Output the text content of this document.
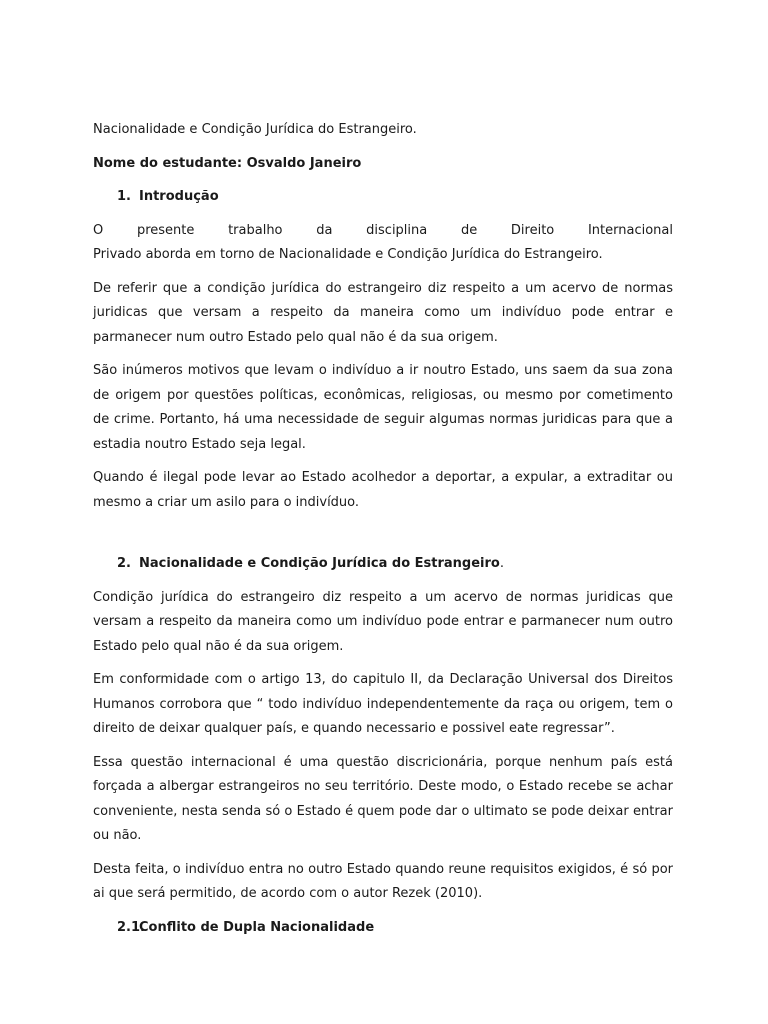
Nacionalidade e Condição Jurídica do Estrangeiro.

Nome do estudante: Osvaldo Janeiro

1. Introdução

O presente trabalho da disciplina de Direito Internacional

Privado aborda em torno de Nacionalidade e Condição Jurídica do Estrangeiro.

De referir que a condição jurídica do estrangeiro diz respeito a um acervo de normas juridicas que versam a respeito da maneira como um indivíduo pode entrar e parmanecer num outro Estado pelo qual não é da sua origem.

São inúmeros motivos que levam o indivíduo a ir noutro Estado, uns saem da sua zona de origem por questões políticas, econômicas, religiosas, ou mesmo por cometimento de crime. Portanto, há uma necessidade de seguir algumas normas juridicas para que a estadia noutro Estado seja legal.

Quando é ilegal pode levar ao Estado acolhedor a deportar, a expular, a extraditar ou mesmo a criar um asilo para o indivíduo.

2. Nacionalidade e Condição Jurídica do Estrangeiro.

Condição jurídica do estrangeiro diz respeito a um acervo de normas juridicas que versam a respeito da maneira como um indivíduo pode entrar e parmanecer num outro Estado pelo qual não é da sua origem.

Em conformidade com o artigo 13, do capitulo II, da Declaração Universal dos Direitos Humanos corrobora que “ todo indivíduo independentemente da raça ou origem, tem o direito de deixar qualquer país, e quando necessario e possivel eate regressar”.

Essa questão internacional é uma questão discricionária, porque nenhum país está forçada a albergar estrangeiros no seu território. Deste modo, o Estado recebe se achar conveniente, nesta senda só o Estado é quem pode dar o ultimato se pode deixar entrar ou não.

Desta feita, o indivíduo entra no outro Estado quando reune requisitos exigidos, é só por ai que será permitido, de acordo com o autor Rezek (2010).

2.1.
Conflito de Dupla Nacionalidade
